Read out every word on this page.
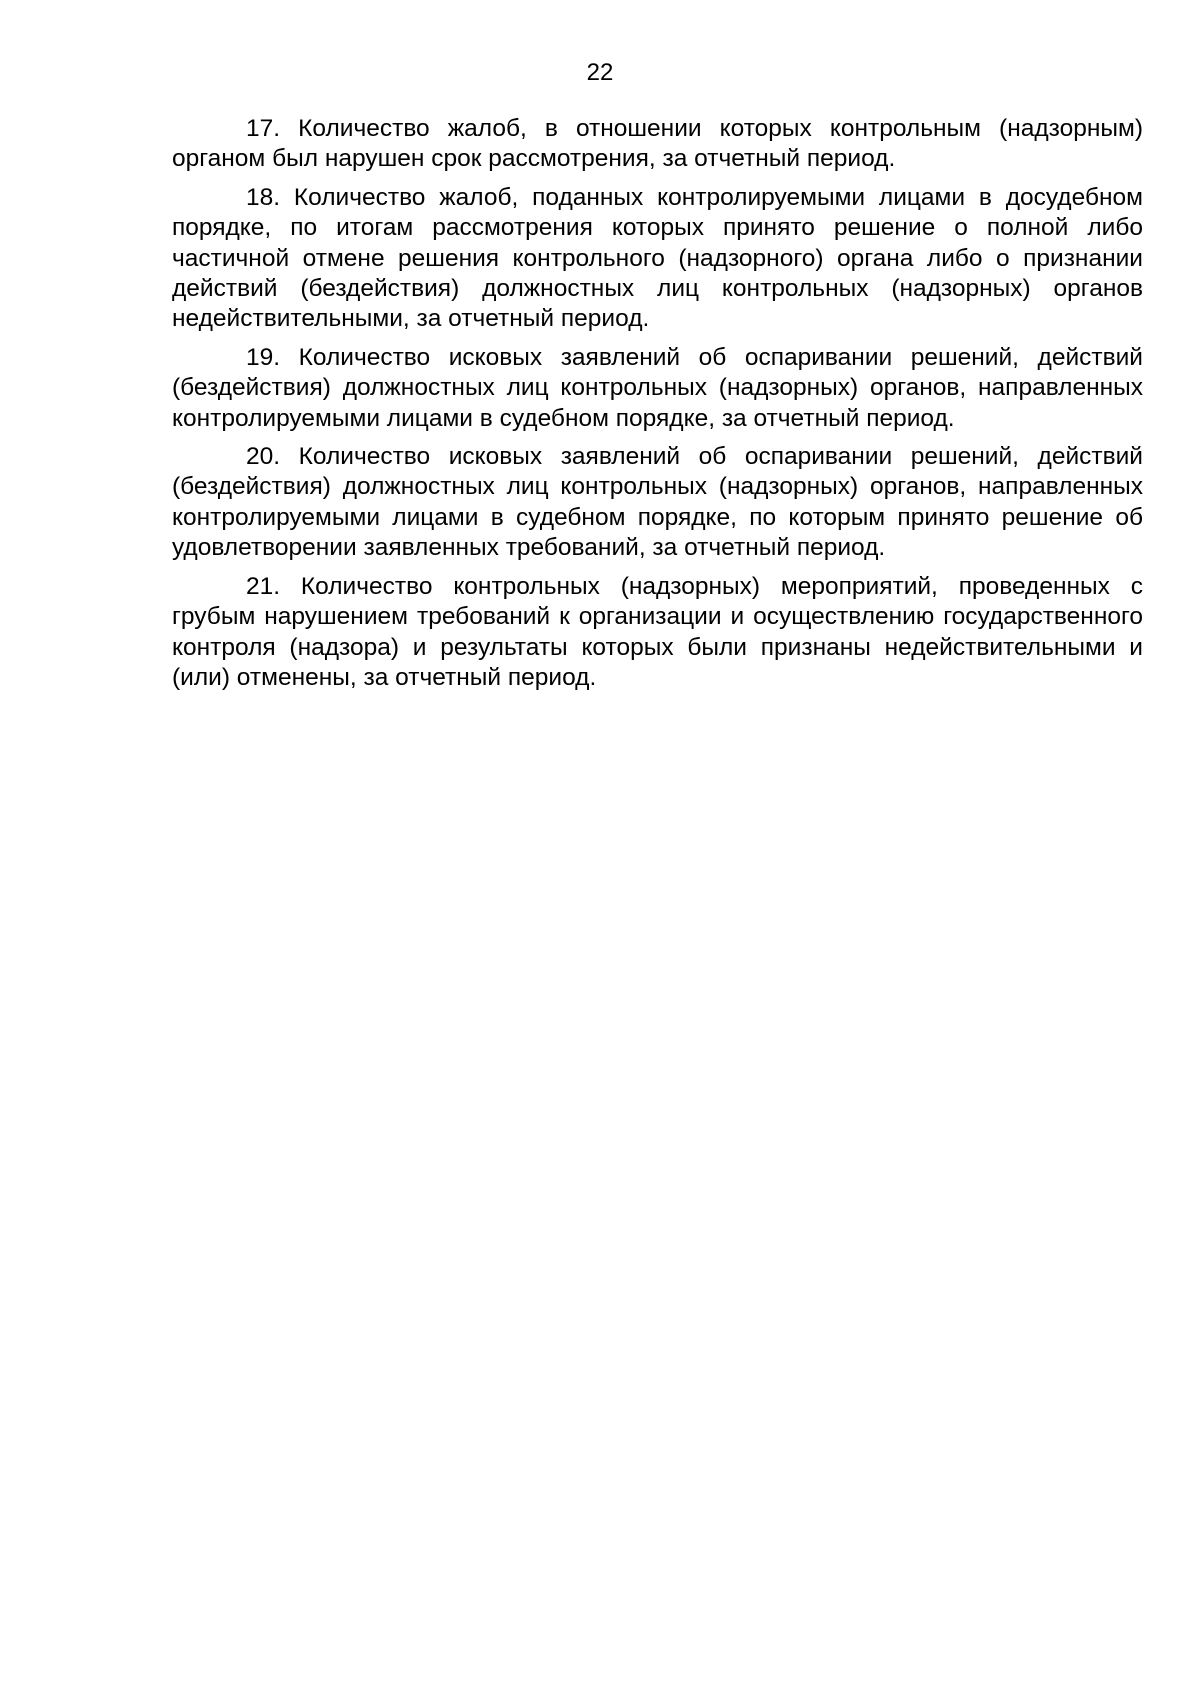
22

17. Количество жалоб, в отношении которых контрольным (надзорным) органом был нарушен срок рассмотрения, за отчетный период.

18. Количество жалоб, поданных контролируемыми лицами в досудебном порядке, по итогам рассмотрения которых принято решение о полной либо частичной отмене решения контрольного (надзорного) органа либо о признании действий (бездействия) должностных лиц контрольных (надзорных) органов недействительными, за отчетный период.

19. Количество исковых заявлений об оспаривании решений, действий (бездействия) должностных лиц контрольных (надзорных) органов, направленных контролируемыми лицами в судебном порядке, за отчетный период.

20. Количество исковых заявлений об оспаривании решений, действий (бездействия) должностных лиц контрольных (надзорных) органов, направленных контролируемыми лицами в судебном порядке, по которым принято решение об удовлетворении заявленных требований, за отчетный период.

21. Количество контрольных (надзорных) мероприятий, проведенных с грубым нарушением требований к организации и осуществлению государственного контроля (надзора) и результаты которых были признаны недействительными и (или) отменены, за отчетный период.
